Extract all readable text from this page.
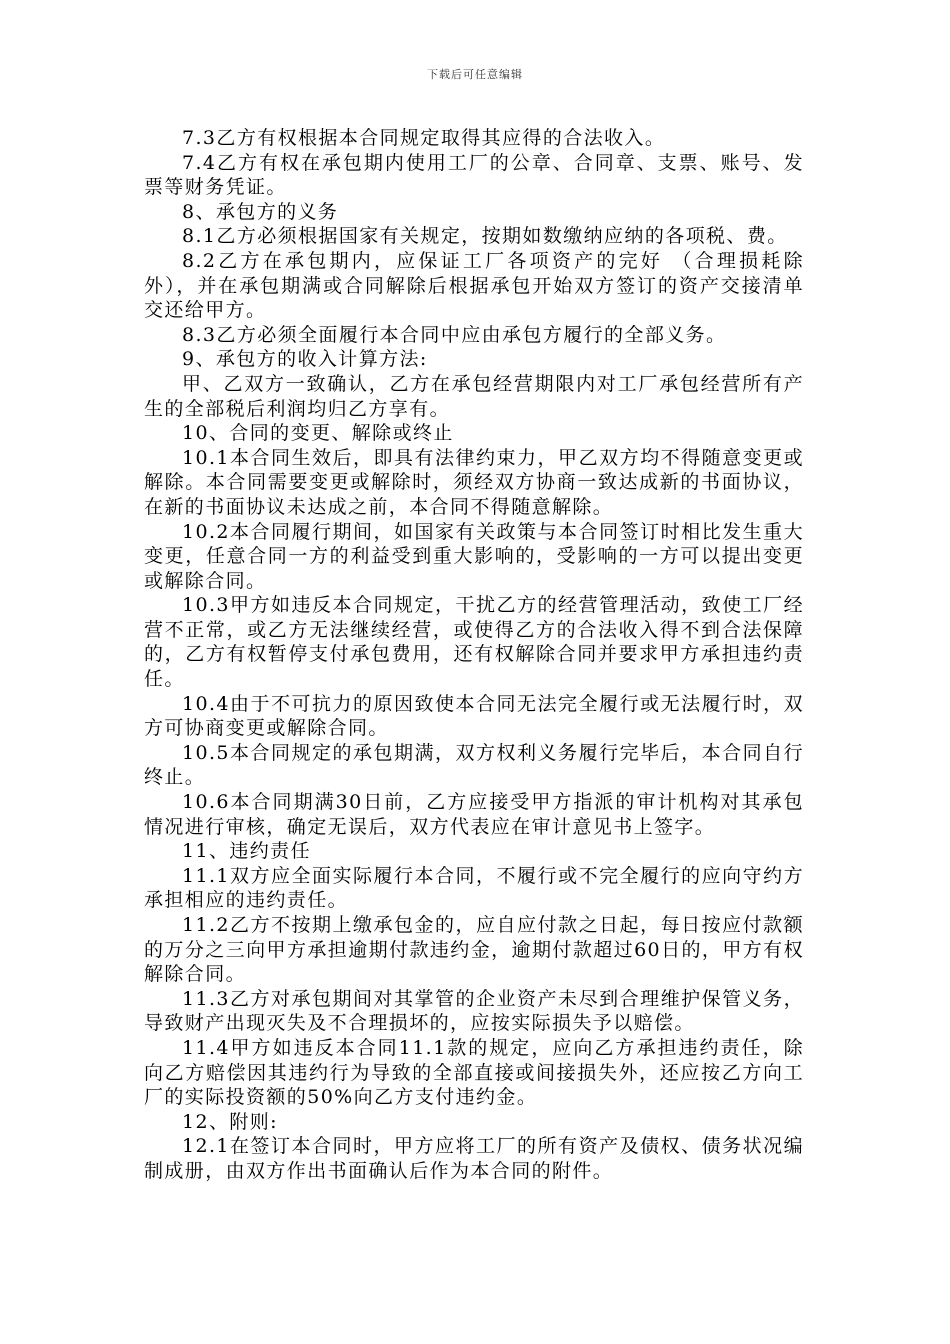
下载后可任意编辑

7.3乙方有权根据本合同规定取得其应得的合法收入。

7.4乙方有权在承包期内使用工厂的公章、合同章、支票、账号、发票等财务凭证。

8、承包方的义务

8.1乙方必须根据国家有关规定，按期如数缴纳应纳的各项税、费。

8.2乙方在承包期内，应保证工厂各项资产的完好 （合理损耗除外），并在承包期满或合同解除后根据承包开始双方签订的资产交接清单交还给甲方。

8.3乙方必须全面履行本合同中应由承包方履行的全部义务。

9、承包方的收入计算方法:

甲、乙双方一致确认，乙方在承包经营期限内对工厂承包经营所有产生的全部税后利润均归乙方享有。

10、合同的变更、解除或终止

10.1本合同生效后，即具有法律约束力，甲乙双方均不得随意变更或解除。本合同需要变更或解除时，须经双方协商一致达成新的书面协议，在新的书面协议未达成之前，本合同不得随意解除。

10.2本合同履行期间，如国家有关政策与本合同签订时相比发生重大变更，任意合同一方的利益受到重大影响的，受影响的一方可以提出变更或解除合同。

10.3甲方如违反本合同规定，干扰乙方的经营管理活动，致使工厂经营不正常，或乙方无法继续经营，或使得乙方的合法收入得不到合法保障的，乙方有权暂停支付承包费用，还有权解除合同并要求甲方承担违约责任。

10.4由于不可抗力的原因致使本合同无法完全履行或无法履行时，双方可协商变更或解除合同。

10.5本合同规定的承包期满，双方权利义务履行完毕后，本合同自行终止。

10.6本合同期满30日前，乙方应接受甲方指派的审计机构对其承包情况进行审核，确定无误后，双方代表应在审计意见书上签字。

11、违约责任

11.1双方应全面实际履行本合同，不履行或不完全履行的应向守约方承担相应的违约责任。

11.2乙方不按期上缴承包金的，应自应付款之日起，每日按应付款额的万分之三向甲方承担逾期付款违约金，逾期付款超过60日的，甲方有权解除合同。

11.3乙方对承包期间对其掌管的企业资产未尽到合理维护保管义务，导致财产出现灭失及不合理损坏的，应按实际损失予以赔偿。

11.4甲方如违反本合同11.1款的规定，应向乙方承担违约责任，除向乙方赔偿因其违约行为导致的全部直接或间接损失外，还应按乙方向工厂的实际投资额的50%向乙方支付违约金。

12、附则:

12.1在签订本合同时，甲方应将工厂的所有资产及债权、债务状况编制成册，由双方作出书面确认后作为本合同的附件。
